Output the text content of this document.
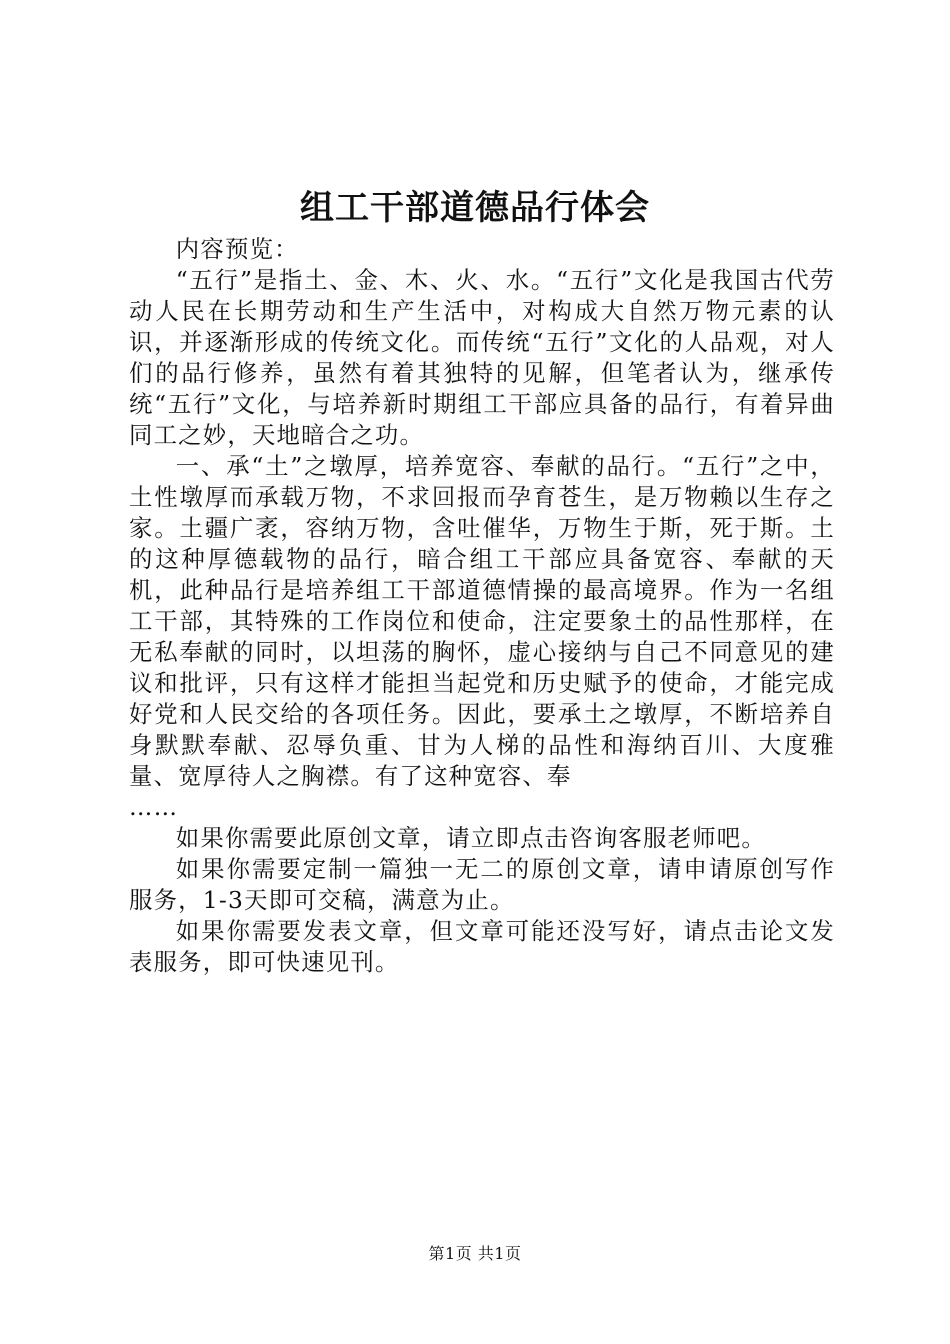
组工干部道德品行体会

内容预览：

“五行”是指土、金、木、火、水。“五行”文化是我国古代劳动人民在长期劳动和生产生活中，对构成大自然万物元素的认识，并逐渐形成的传统文化。而传统“五行”文化的人品观，对人们的品行修养，虽然有着其独特的见解，但笔者认为，继承传统“五行”文化，与培养新时期组工干部应具备的品行，有着异曲同工之妙，天地暗合之功。

一、承“土”之墩厚，培养宽容、奉献的品行。“五行”之中，土性墩厚而承载万物，不求回报而孕育苍生，是万物赖以生存之家。土疆广袤，容纳万物，含吐催华，万物生于斯，死于斯。土的这种厚德载物的品行，暗合组工干部应具备宽容、奉献的天机，此种品行是培养组工干部道德情操的最高境界。作为一名组工干部，其特殊的工作岗位和使命，注定要象土的品性那样，在无私奉献的同时，以坦荡的胸怀，虚心接纳与自己不同意见的建议和批评，只有这样才能担当起党和历史赋予的使命，才能完成好党和人民交给的各项任务。因此，要承土之墩厚，不断培养自身默默奉献、忍辱负重、甘为人梯的品性和海纳百川、大度雅量、宽厚待人之胸襟。有了这种宽容、奉

……

如果你需要此原创文章，请立即点击咨询客服老师吧。

如果你需要定制一篇独一无二的原创文章，请申请原创写作服务，1-3天即可交稿，满意为止。

如果你需要发表文章，但文章可能还没写好，请点击论文发表服务，即可快速见刊。

第1页 共1页
